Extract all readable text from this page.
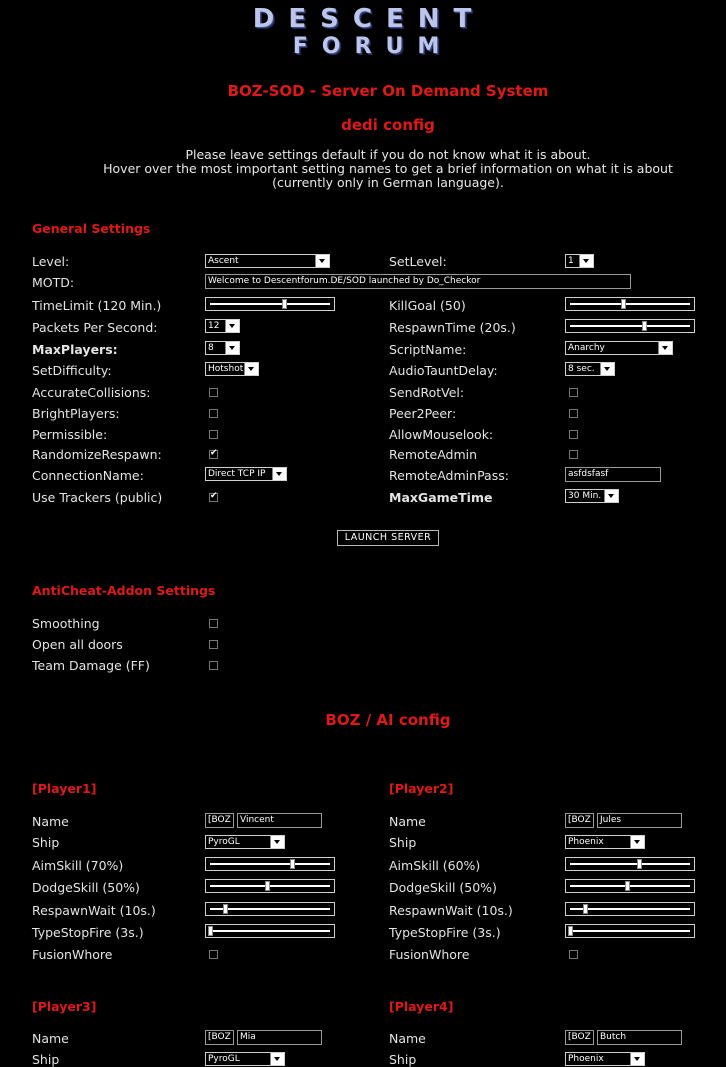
DESCENT
FORUM
BOZ-SOD - Server On Demand System
dedi config
Please leave settings default if you do not know what it is about.
Hover over the most important setting names to get a brief information on what it is about
(currently only in German language).
General Settings
Level:	Ascent	SetLevel:	1
MOTD:	Welcome to Descentforum.DE/SOD launched by Do_Checkor
TimeLimit (120 Min.)	KillGoal (50)
Packets Per Second:	12	RespawnTime (20s.)
MaxPlayers:	8	ScriptName:	Anarchy
SetDifficulty:	Hotshot	AudioTauntDelay:	8 sec.
AccurateCollisions:	SendRotVel:
BrightPlayers:	Peer2Peer:
Permissible:	AllowMouselook:
RandomizeRespawn: ✔	RemoteAdmin
ConnectionName:	Direct TCP IP	RemoteAdminPass:	asfdsfasf
Use Trackers (public) ✔	MaxGameTime	30 Min.
LAUNCH SERVER
AntiCheat-Addon Settings
Smoothing
Open all doors
Team Damage (FF)
BOZ / AI config
[Player1]
Name	[BOZ	Vincent
Ship	PyroGL
AimSkill (70%)
DodgeSkill (50%)
RespawnWait (10s.)
TypeStopFire (3s.)
FusionWhore
[Player2]
Name	[BOZ	Jules
Ship	Phoenix
AimSkill (60%)
DodgeSkill (50%)
RespawnWait (10s.)
TypeStopFire (3s.)
FusionWhore
[Player3]
Name	[BOZ	Mia
Ship	PyroGL
[Player4]
Name	[BOZ	Butch
Ship	Phoenix
